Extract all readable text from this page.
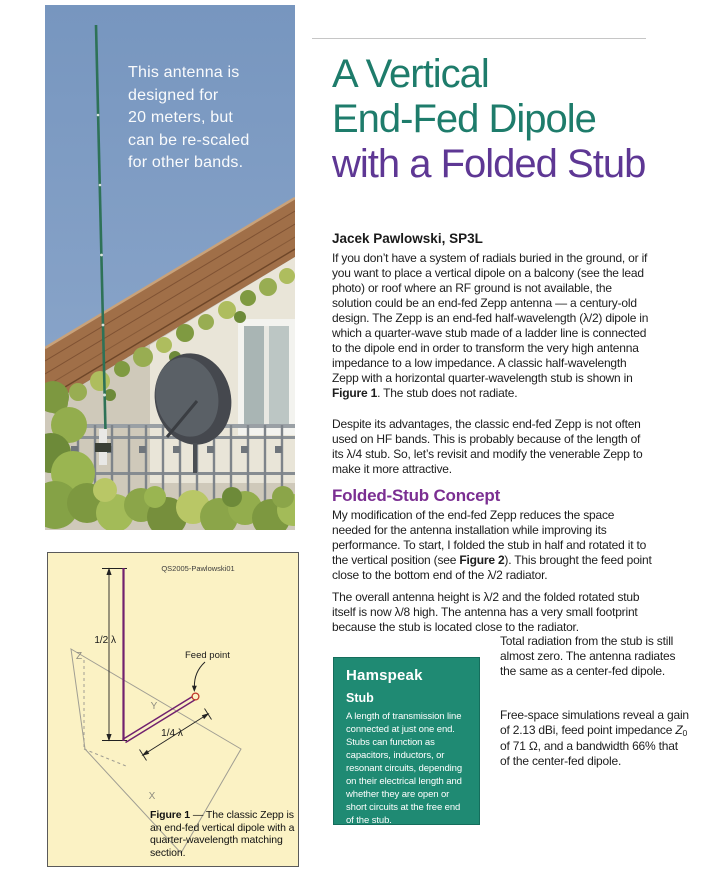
This antenna is
designed for
20 meters, but
can be re-scaled
for other bands.
A Vertical
End-Fed Dipole
with a Folded Stub
Jacek Pawlowski, SP3L

If you don’t have a system of radials buried in the ground, or if you want to place a vertical dipole on a balcony (see the lead photo) or roof where an RF ground is not available, the solution could be an end-fed Zepp antenna — a century-old design. The Zepp is an end-fed half-wavelength (λ/2) dipole in which a quarter-wave stub made of a ladder line is connected to the dipole end in order to transform the very high antenna impedance to a low impedance. A classic half-wavelength Zepp with a horizontal quarter-wavelength stub is shown in Figure 1. The stub does not radiate.

Despite its advantages, the classic end-fed Zepp is not often used on HF bands. This is probably because of the length of its λ/4 stub. So, let’s revisit and modify the venerable Zepp to make it more attractive.

Folded-Stub Concept

My modification of the end-fed Zepp reduces the space needed for the antenna installation while improving its performance. To start, I folded the stub in half and rotated it to the vertical position (see Figure 2). This brought the feed point close to the bottom end of the λ/2 radiator.

The overall antenna height is λ/2 and the folded rotated stub itself is now λ/8 high. The antenna has a very small footprint because the stub is located close to the radiator.

Total radiation from the stub is still almost zero. The antenna radiates the same as a center-fed dipole.

Free-space simulations reveal a gain of 2.13 dBi, feed point impedance Z0 of 71 Ω, and a bandwidth 66% that of the center-fed dipole.

Hamspeak
Stub
A length of transmission line connected at just one end. Stubs can function as capacitors, inductors, or resonant circuits, depending on their electrical length and whether they are open or short circuits at the free end of the stub.
QS2005-Pawlowski01
Z
Y
X
1/2 λ
Feed point
1/4 λ
Figure 1 — The classic Zepp is an end-fed vertical dipole with a quarter-wavelength matching section.
